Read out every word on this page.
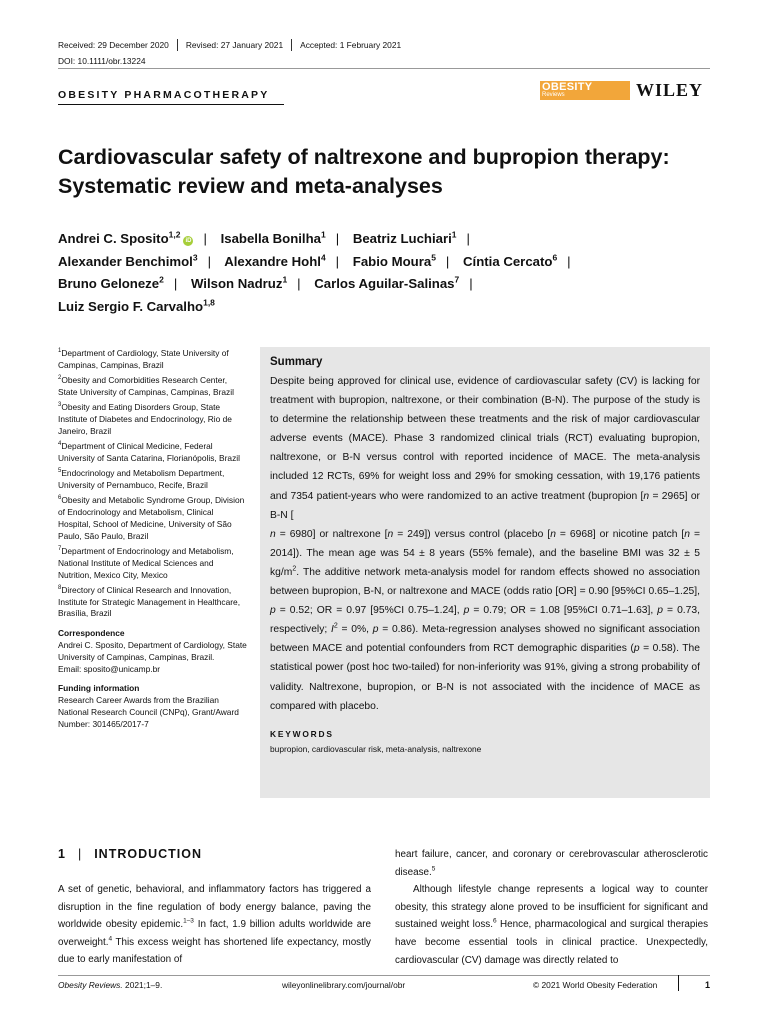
Received: 29 December 2020 Revised: 27 January 2021 Accepted: 1 February 2021
DOI: 10.1111/obr.13224
OBESITY PHARMACOTHERAPY
OBESITY
Reviews	WILEY
Cardiovascular safety of naltrexone and bupropion therapy: Systematic review and meta-analyses
Andrei C. Sposito$^{1,2}$iD | Isabella Bonilha$^1$ | Beatriz Luchiari$^1$ |
Alexander Benchimol$^3$ | Alexandre Hohl$^4$ | Fabio Moura$^5$ | Cíntia Cercato$^6$ |
Bruno Geloneze$^2$ | Wilson Nadruz$^1$ | Carlos Aguilar-Salinas$^7$ |
Luiz Sergio F. Carvalho$^{1,8}$
$^1$Department of Cardiology, State University of Campinas, Campinas, Brazil
$^2$Obesity and Comorbidities Research Center, State University of Campinas, Campinas, Brazil
$^3$Obesity and Eating Disorders Group, State Institute of Diabetes and Endocrinology, Rio de Janeiro, Brazil
$^4$Department of Clinical Medicine, Federal University of Santa Catarina, Florianópolis, Brazil
$^5$Endocrinology and Metabolism Department, University of Pernambuco, Recife, Brazil
$^6$Obesity and Metabolic Syndrome Group, Division of Endocrinology and Metabolism, Clinical Hospital, School of Medicine, University of São Paulo, São Paulo, Brazil
$^7$Department of Endocrinology and Metabolism, National Institute of Medical Sciences and Nutrition, Mexico City, Mexico
$^8$Directory of Clinical Research and Innovation, Institute for Strategic Management in Healthcare, Brasília, Brazil
Correspondence
Andrei C. Sposito, Department of Cardiology, State University of Campinas, Campinas, Brazil.
Email: sposito@unicamp.br
Funding information
Research Career Awards from the Brazilian National Research Council (CNPq), Grant/Award Number: 301465/2017-7
Summary

Despite being approved for clinical use, evidence of cardiovascular safety (CV) is lacking for treatment with bupropion, naltrexone, or their combination (B-N). The purpose of the study is to determine the relationship between these treatments and the risk of major cardiovascular adverse events (MACE). Phase 3 randomized clinical trials (RCT) evaluating bupropion, naltrexone, or B-N versus control with reported incidence of MACE. The meta-analysis included 12 RCTs, 69% for weight loss and 29% for smoking cessation, with 19,176 patients and 7354 patient-years who were randomized to an active treatment (bupropion [n = 2965] or B-N [
n = 6980] or naltrexone [n = 249]) versus control (placebo [n = 6968] or nicotine patch [n = 2014]). The mean age was 54 ± 8 years (55% female), and the baseline BMI was 32 ± 5 $kg/m^2$. The additive network meta-analysis model for random effects showed no association between bupropion, B-N, or naltrexone and MACE (odds ratio [OR] = 0.90 [95%CI 0.65–1.25], p = 0.52; OR = 0.97 [95%CI 0.75–1.24], p = 0.79; OR = 1.08 [95%CI 0.71–1.63], p = 0.73, respectively; $I^2 = 0\%$, p = 0.86). Meta-regression analyses showed no significant association between MACE and potential confounders from RCT demographic disparities (p = 0.58). The statistical power (post hoc two-tailed) for non-inferiority was 91%, giving a strong probability of validity. Naltrexone, bupropion, or B-N is not associated with the incidence of MACE as compared with placebo.

KEYWORDS
bupropion, cardiovascular risk, meta-analysis, naltrexone
1 | INTRODUCTION

A set of genetic, behavioral, and inflammatory factors has triggered a disruption in the fine regulation of body energy balance, paving the worldwide obesity epidemic.$^{1-3}$ In fact, 1.9 billion adults worldwide are overweight.$^4$ This excess weight has shortened life expectancy, mostly due to early manifestation of

heart failure, cancer, and coronary or cerebrovascular atherosclerotic disease.$^5$

Although lifestyle change represents a logical way to counter obesity, this strategy alone proved to be insufficient for significant and sustained weight loss.$^6$ Hence, pharmacological and surgical therapies have become essential tools in clinical practice. Unexpectedly, cardiovascular (CV) damage was directly related to

Obesity Reviews. 2021;1–9.	wileyonlinelibrary.com/journal/obr	© 2021 World Obesity Federation	1
